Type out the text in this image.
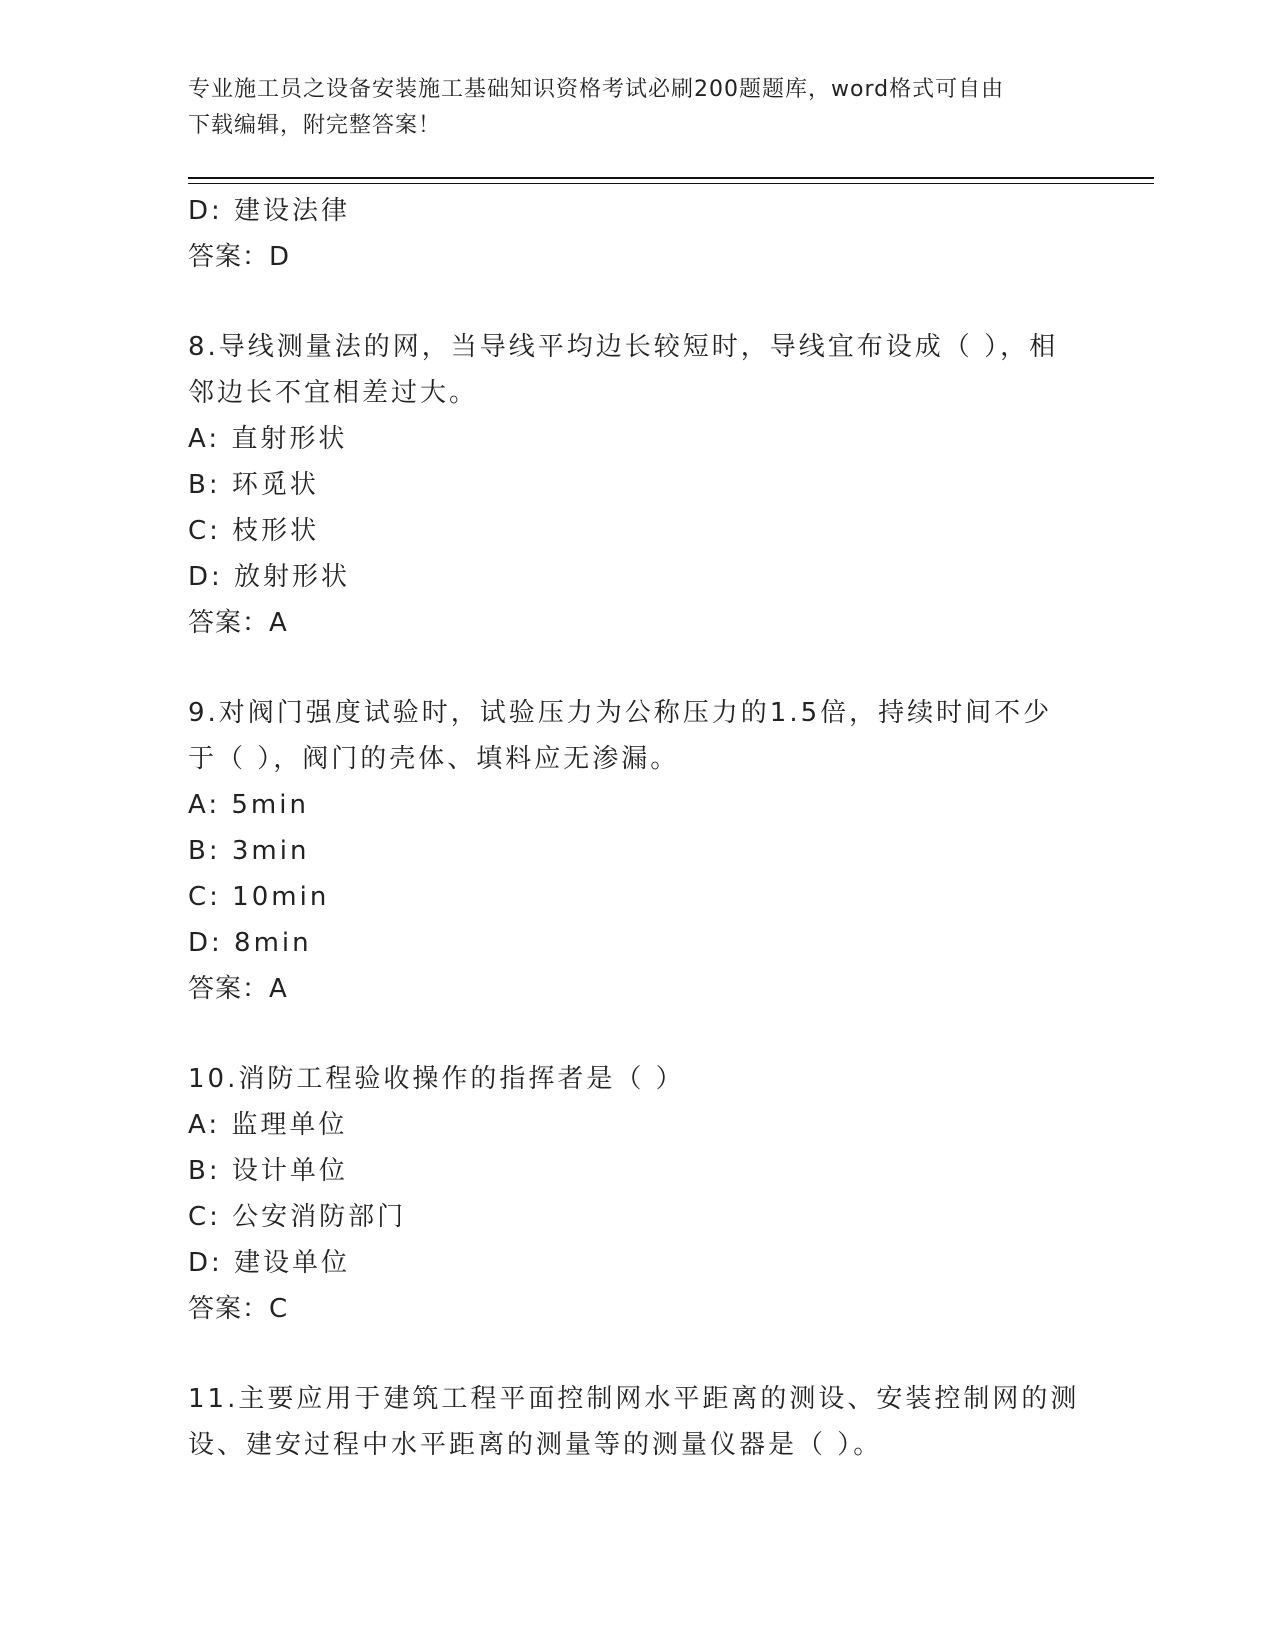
专业施工员之设备安装施工基础知识资格考试必刷200题题库，word格式可自由
下载编辑，附完整答案！
D: 建设法律
答案：D
8.导线测量法的网，当导线平均边长较短时，导线宜布设成（ ），相
邻边长不宜相差过大。
A: 直射形状
B: 环觅状
C: 枝形状
D: 放射形状
答案：A
9.对阀门强度试验时，试验压力为公称压力的1.5倍，持续时间不少
于（ ），阀门的壳体、填料应无渗漏。
A: 5min
B: 3min
C: 10min
D: 8min
答案：A
10.消防工程验收操作的指挥者是（ ）
A: 监理单位
B: 设计单位
C: 公安消防部门
D: 建设单位
答案：C
11.主要应用于建筑工程平面控制网水平距离的测设、安装控制网的测
设、建安过程中水平距离的测量等的测量仪器是（ ）。
